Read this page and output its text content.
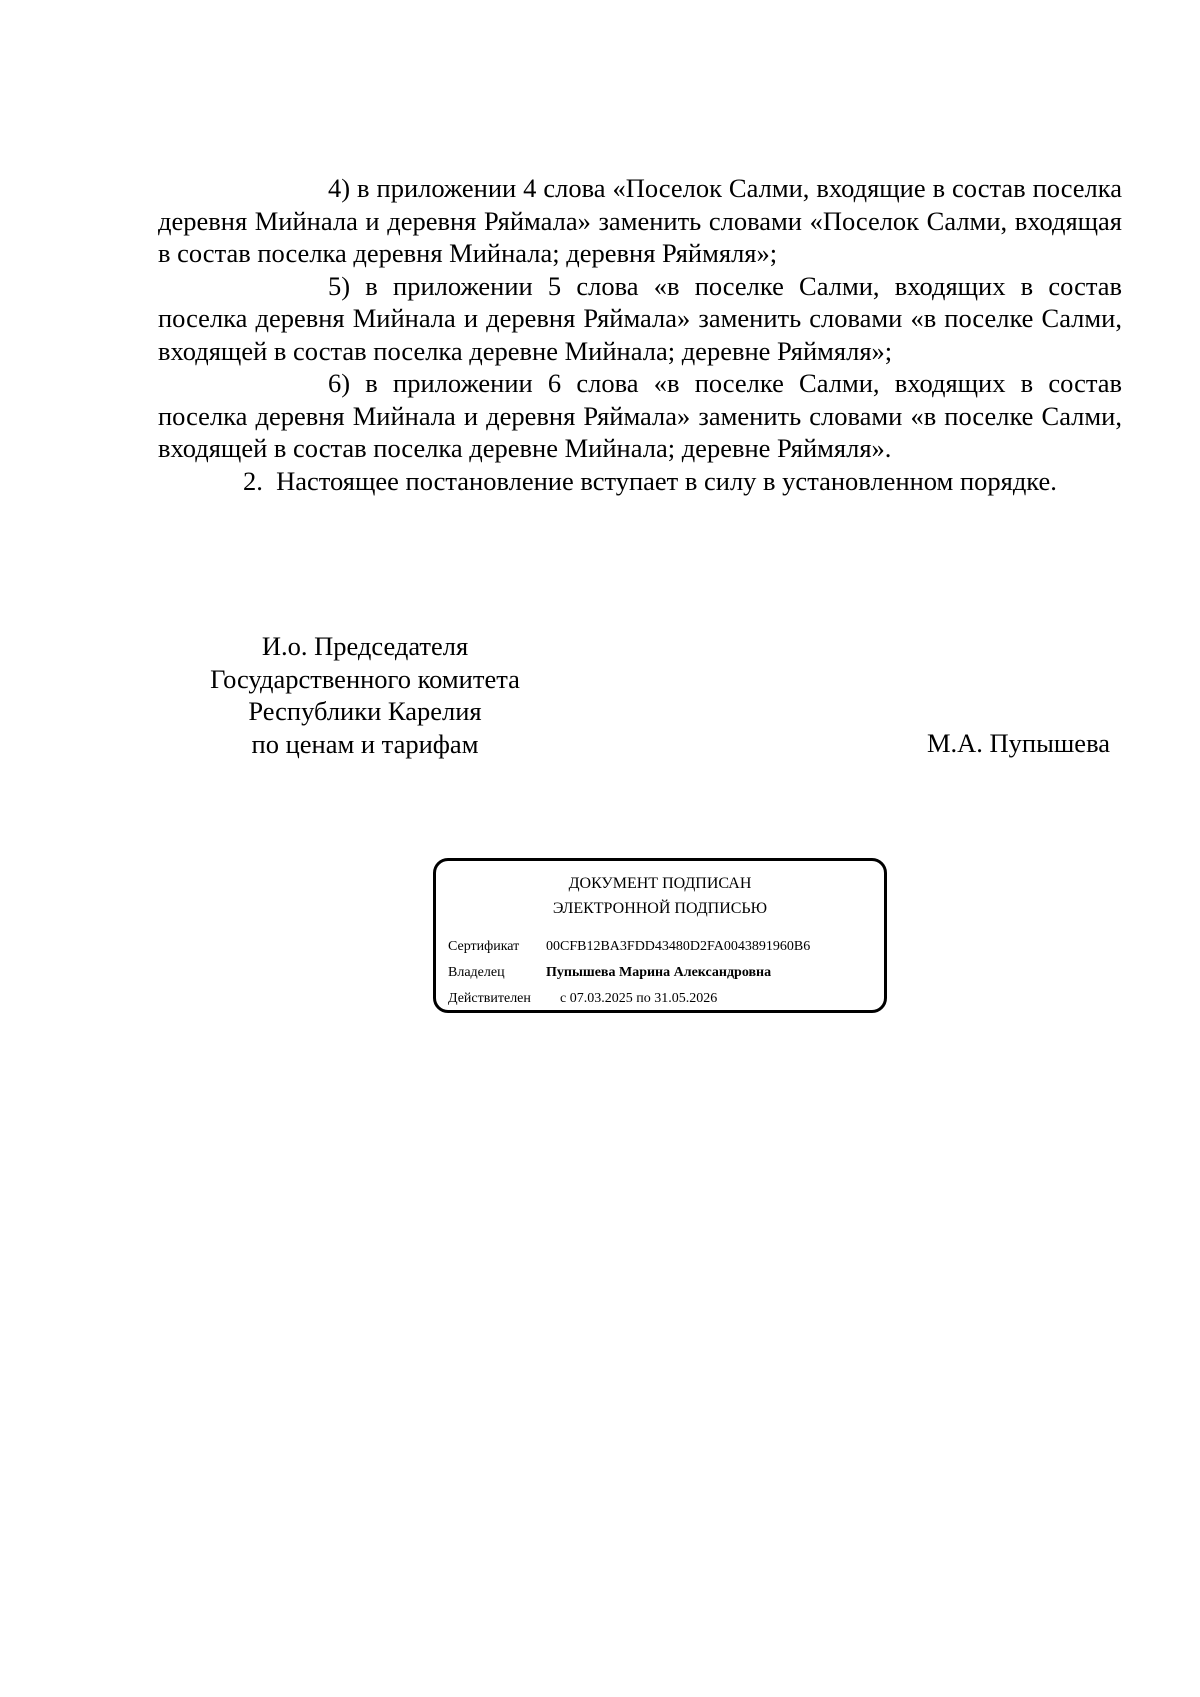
4) в приложении 4 слова «Поселок Салми, входящие в состав поселка деревня Мийнала и деревня Ряймала» заменить словами «Поселок Салми, входящая в состав поселка деревня Мийнала; деревня Ряймяля»;

5) в приложении 5 слова «в поселке Салми, входящих в состав поселка деревня Мийнала и деревня Ряймала» заменить словами «в поселке Салми, входящей в состав поселка деревне Мийнала; деревне Ряймяля»;

6) в приложении 6 слова «в поселке Салми, входящих в состав поселка деревня Мийнала и деревня Ряймала» заменить словами «в поселке Салми, входящей в состав поселка деревне Мийнала; деревне Ряймяля».

2. Настоящее постановление вступает в силу в установленном порядке.

И.о. Председателя
Государственного комитета
Республики Карелия
по ценам и тарифам	М.А. Пупышева
ДОКУМЕНТ ПОДПИСАН
ЭЛЕКТРОННОЙ ПОДПИСЬЮ
Сертификат 00CFB12BA3FDD43480D2FA0043891960B6
Владелец	Пупышева Марина Александровна
Действителен с 07.03.2025 по 31.05.2026
